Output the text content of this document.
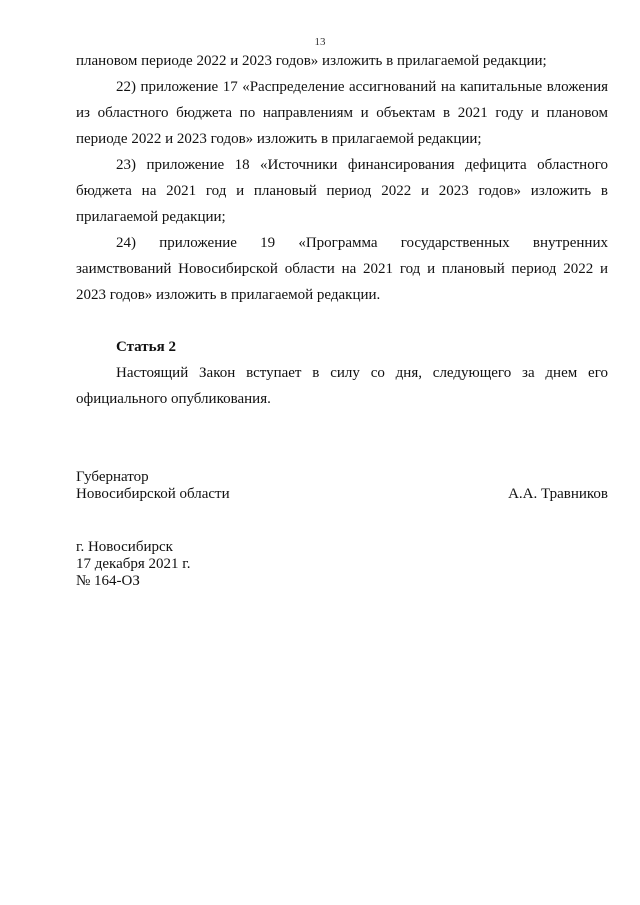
13

плановом периоде 2022 и 2023 годов» изложить в прилагаемой редакции;

22) приложение 17 «Распределение ассигнований на капитальные вложения из областного бюджета по направлениям и объектам в 2021 году и плановом периоде 2022 и 2023 годов» изложить в прилагаемой редакции;

23) приложение 18 «Источники финансирования дефицита областного бюджета на 2021 год и плановый период 2022 и 2023 годов» изложить в прилагаемой редакции;

24) приложение 19 «Программа государственных внутренних заимствований Новосибирской области на 2021 год и плановый период 2022 и 2023 годов» изложить в прилагаемой редакции.

Статья 2

Настоящий Закон вступает в силу со дня, следующего за днем его официального опубликования.

Губернатор
Новосибирской области	А.А. Травников
г. Новосибирск
17 декабря 2021 г.
№ 164-ОЗ
